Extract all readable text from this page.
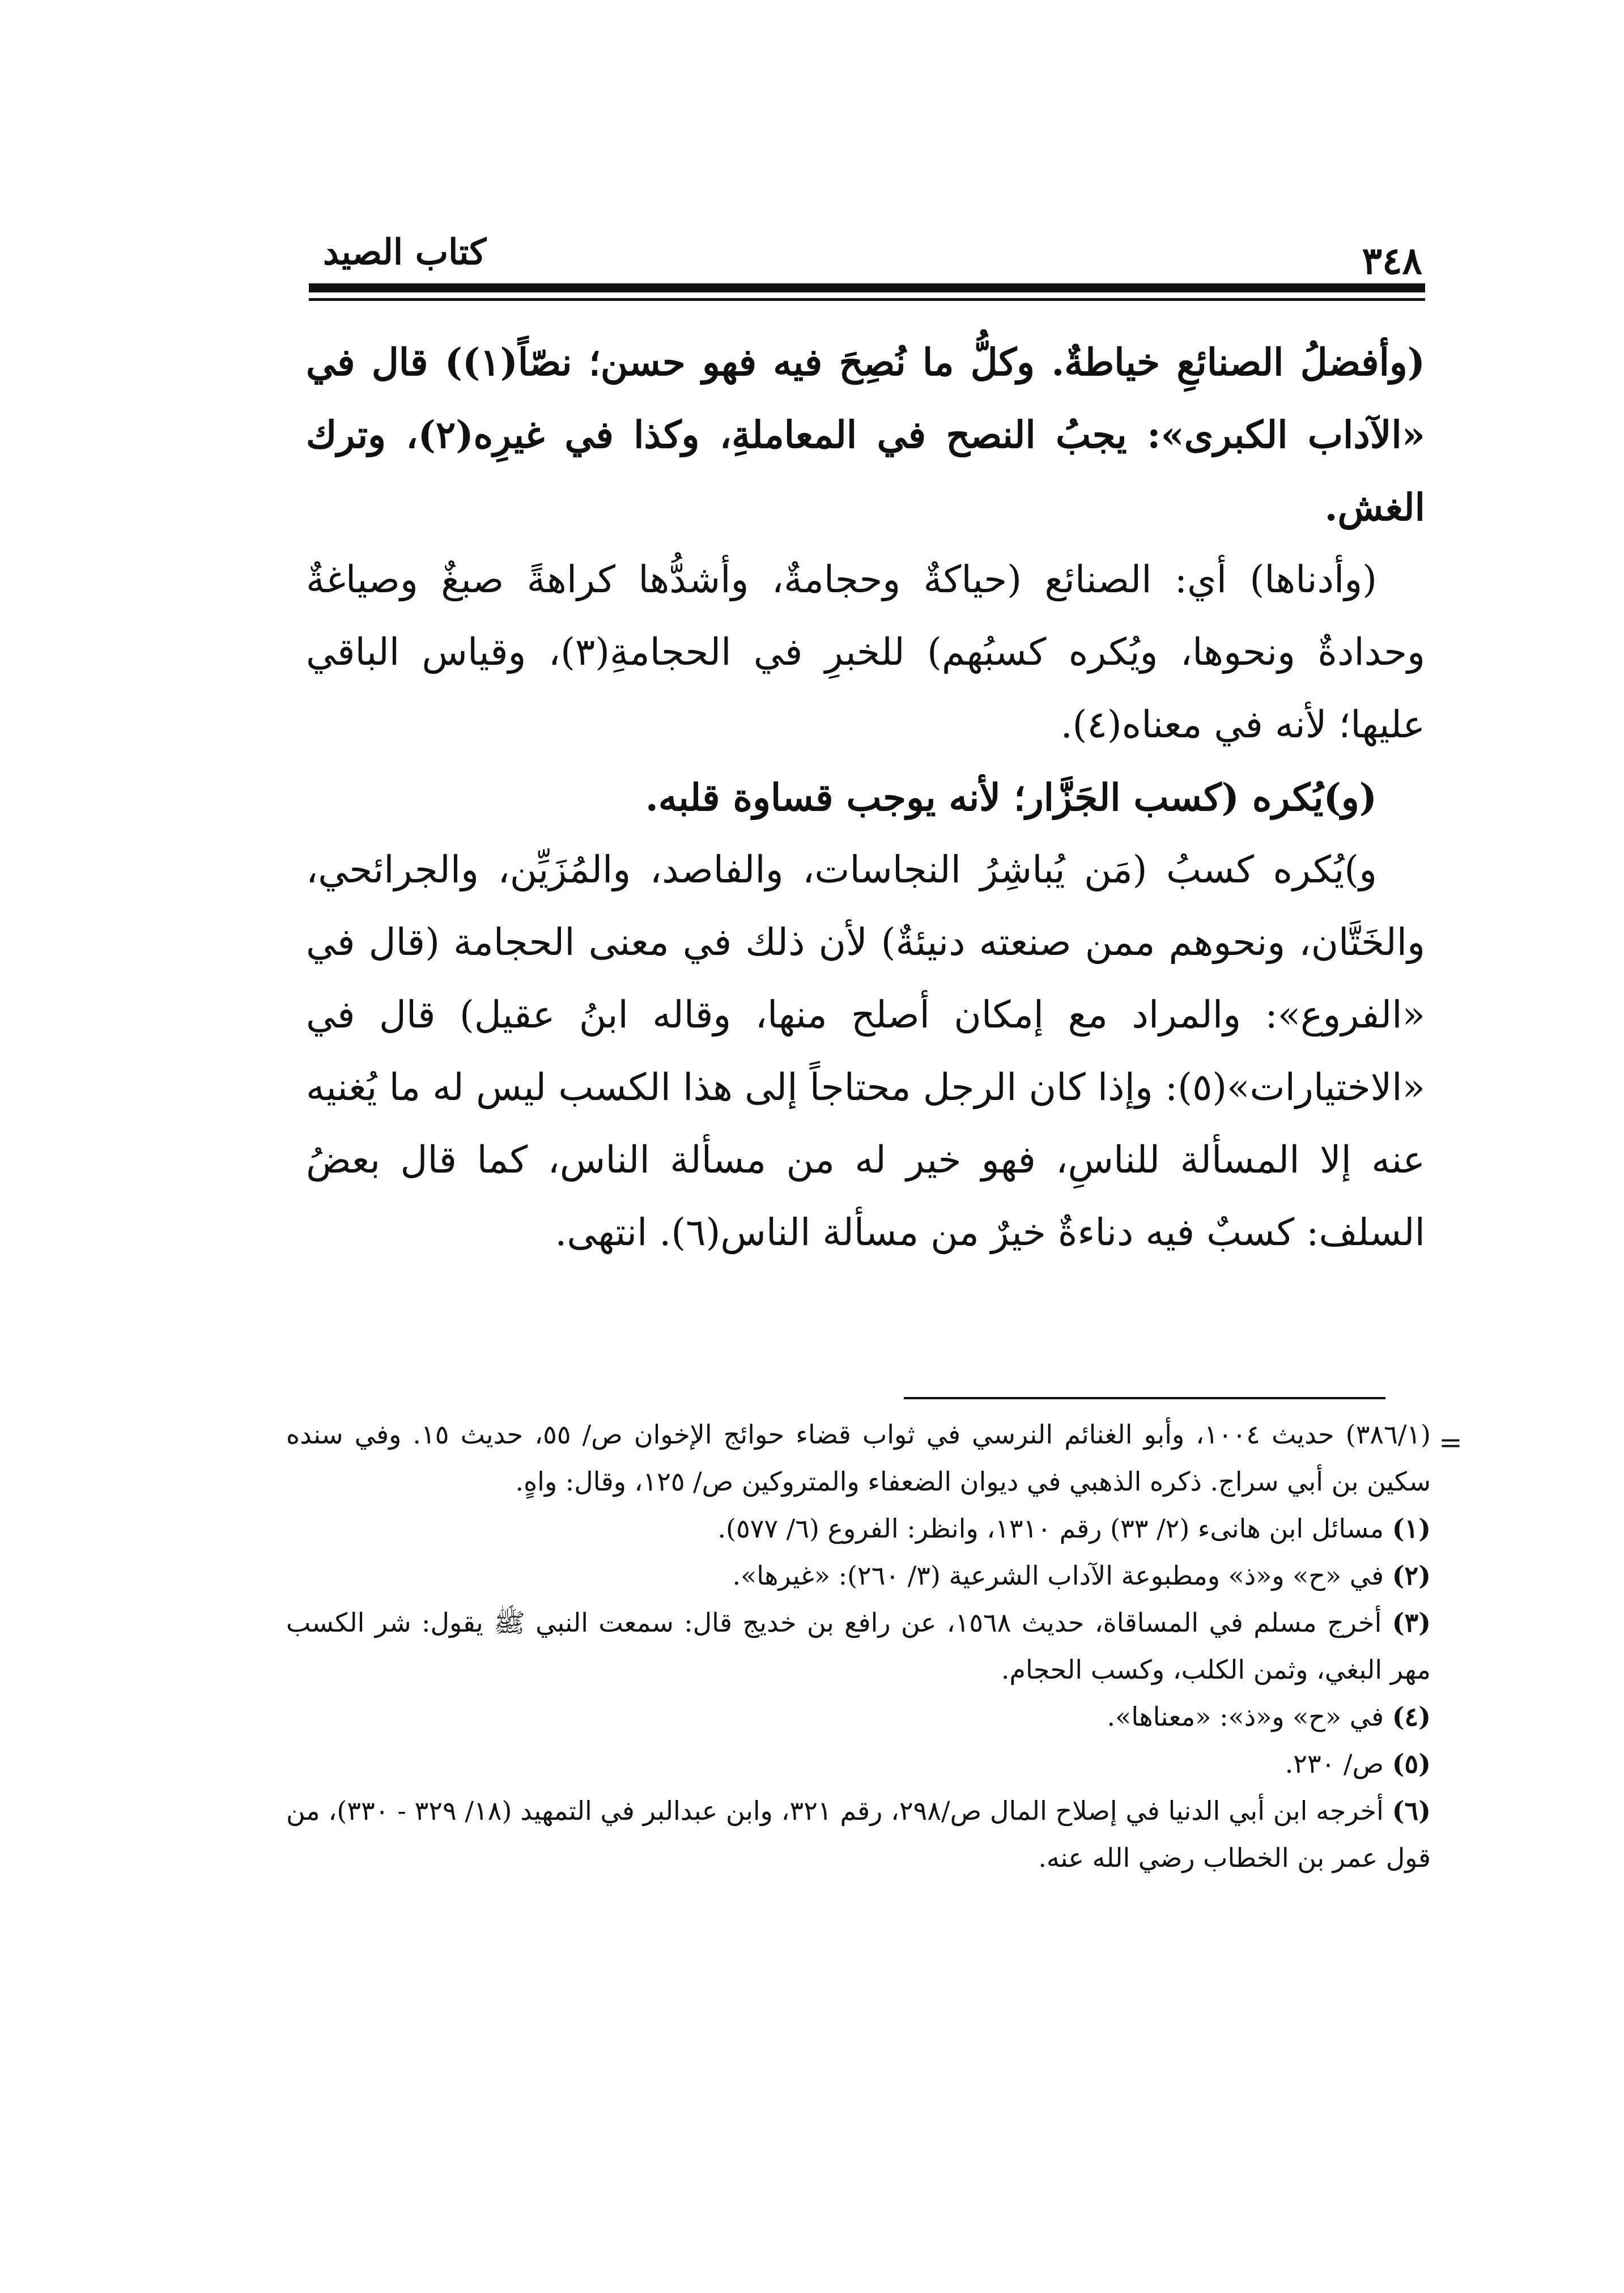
كتاب الصيد	٣٤٨

(وأفضلُ الصنائعِ خياطةٌ. وكلُّ ما نُصِحَ فيه فهو حسن؛ نصّاً(١)) قال في «الآداب الكبرى»: يجبُ النصح في المعاملةِ، وكذا في غيرِه(٢)، وترك الغش.

(وأدناها) أي: الصنائع (حياكةٌ وحجامةٌ، وأشدُّها كراهةً صبغٌ وصياغةٌ وحدادةٌ ونحوها، ويُكره كسبُهم) للخبرِ في الحجامةِ(٣)، وقياس الباقي عليها؛ لأنه في معناه(٤).

(و)يُكره (كسب الجَزَّار؛ لأنه يوجب قساوة قلبه.

و)يُكره كسبُ (مَن يُباشِرُ النجاسات، والفاصد، والمُزَيِّن، والجرائحي، والخَتَّان، ونحوهم ممن صنعته دنيئةٌ) لأن ذلك في معنى الحجامة (قال في «الفروع»: والمراد مع إمكان أصلح منها، وقاله ابنُ عقيل) قال في «الاختيارات»(٥): وإذا كان الرجل محتاجاً إلى هذا الكسب ليس له ما يُغنيه عنه إلا المسألة للناسِ، فهو خير له من مسألة الناس، كما قال بعضُ السلف: كسبٌ فيه دناءةٌ خيرٌ من مسألة الناس(٦). انتهى.

=

(٣٨٦/١) حديث ١٠٠٤، وأبو الغنائم النرسي في ثواب قضاء حوائج الإخوان ص/ ٥٥، حديث ١٥. وفي سنده سكين بن أبي سراج. ذكره الذهبي في ديوان الضعفاء والمتروكين ص/ ١٢٥، وقال: واهٍ.

(١) مسائل ابن هانىء (٢/ ٣٣) رقم ١٣١٠، وانظر: الفروع (٦/ ٥٧٧).

(٢) في «ح» و«ذ» ومطبوعة الآداب الشرعية (٣/ ٢٦٠): «غيرها».

(٣) أخرج مسلم في المساقاة، حديث ١٥٦٨، عن رافع بن خديج قال: سمعت النبي ﷺ يقول: شر الكسب مهر البغي، وثمن الكلب، وكسب الحجام.

(٤) في «ح» و«ذ»: «معناها».

(٥) ص/ ٢٣٠.

(٦) أخرجه ابن أبي الدنيا في إصلاح المال ص/٢٩٨، رقم ٣٢١، وابن عبدالبر في التمهيد (١٨/ ٣٢٩ - ٣٣٠)، من قول عمر بن الخطاب رضي الله عنه.
